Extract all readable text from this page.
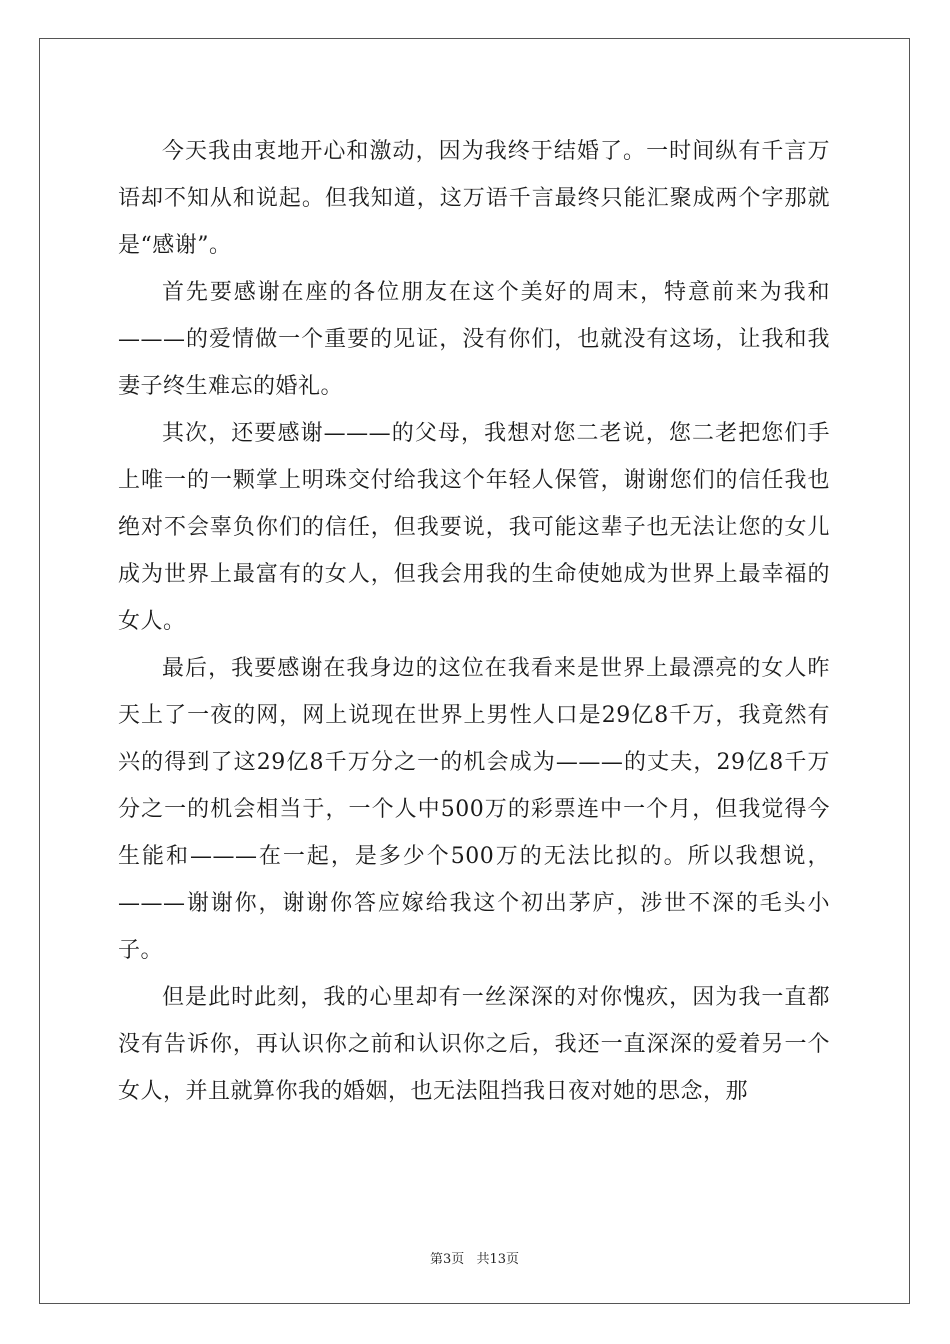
今天我由衷地开心和激动，因为我终于结婚了。一时间纵有千言万语却不知从和说起。但我知道，这万语千言最终只能汇聚成两个字那就是“感谢”。

首先要感谢在座的各位朋友在这个美好的周末，特意前来为我和———的爱情做一个重要的见证，没有你们，也就没有这场，让我和我妻子终生难忘的婚礼。

其次，还要感谢———的父母，我想对您二老说，您二老把您们手上唯一的一颗掌上明珠交付给我这个年轻人保管，谢谢您们的信任我也绝对不会辜负你们的信任，但我要说，我可能这辈子也无法让您的女儿成为世界上最富有的女人，但我会用我的生命使她成为世界上最幸福的女人。

最后，我要感谢在我身边的这位在我看来是世界上最漂亮的女人昨天上了一夜的网，网上说现在世界上男性人口是29亿8千万，我竟然有兴的得到了这29亿8千万分之一的机会成为———的丈夫，29亿8千万分之一的机会相当于，一个人中500万的彩票连中一个月，但我觉得今生能和———在一起，是多少个500万的无法比拟的。所以我想说，———谢谢你，谢谢你答应嫁给我这个初出茅庐，涉世不深的毛头小子。

但是此时此刻，我的心里却有一丝深深的对你愧疚，因为我一直都没有告诉你，再认识你之前和认识你之后，我还一直深深的爱着另一个女人，并且就算你我的婚姻，也无法阻挡我日夜对她的思念，那

第3页 共13页
